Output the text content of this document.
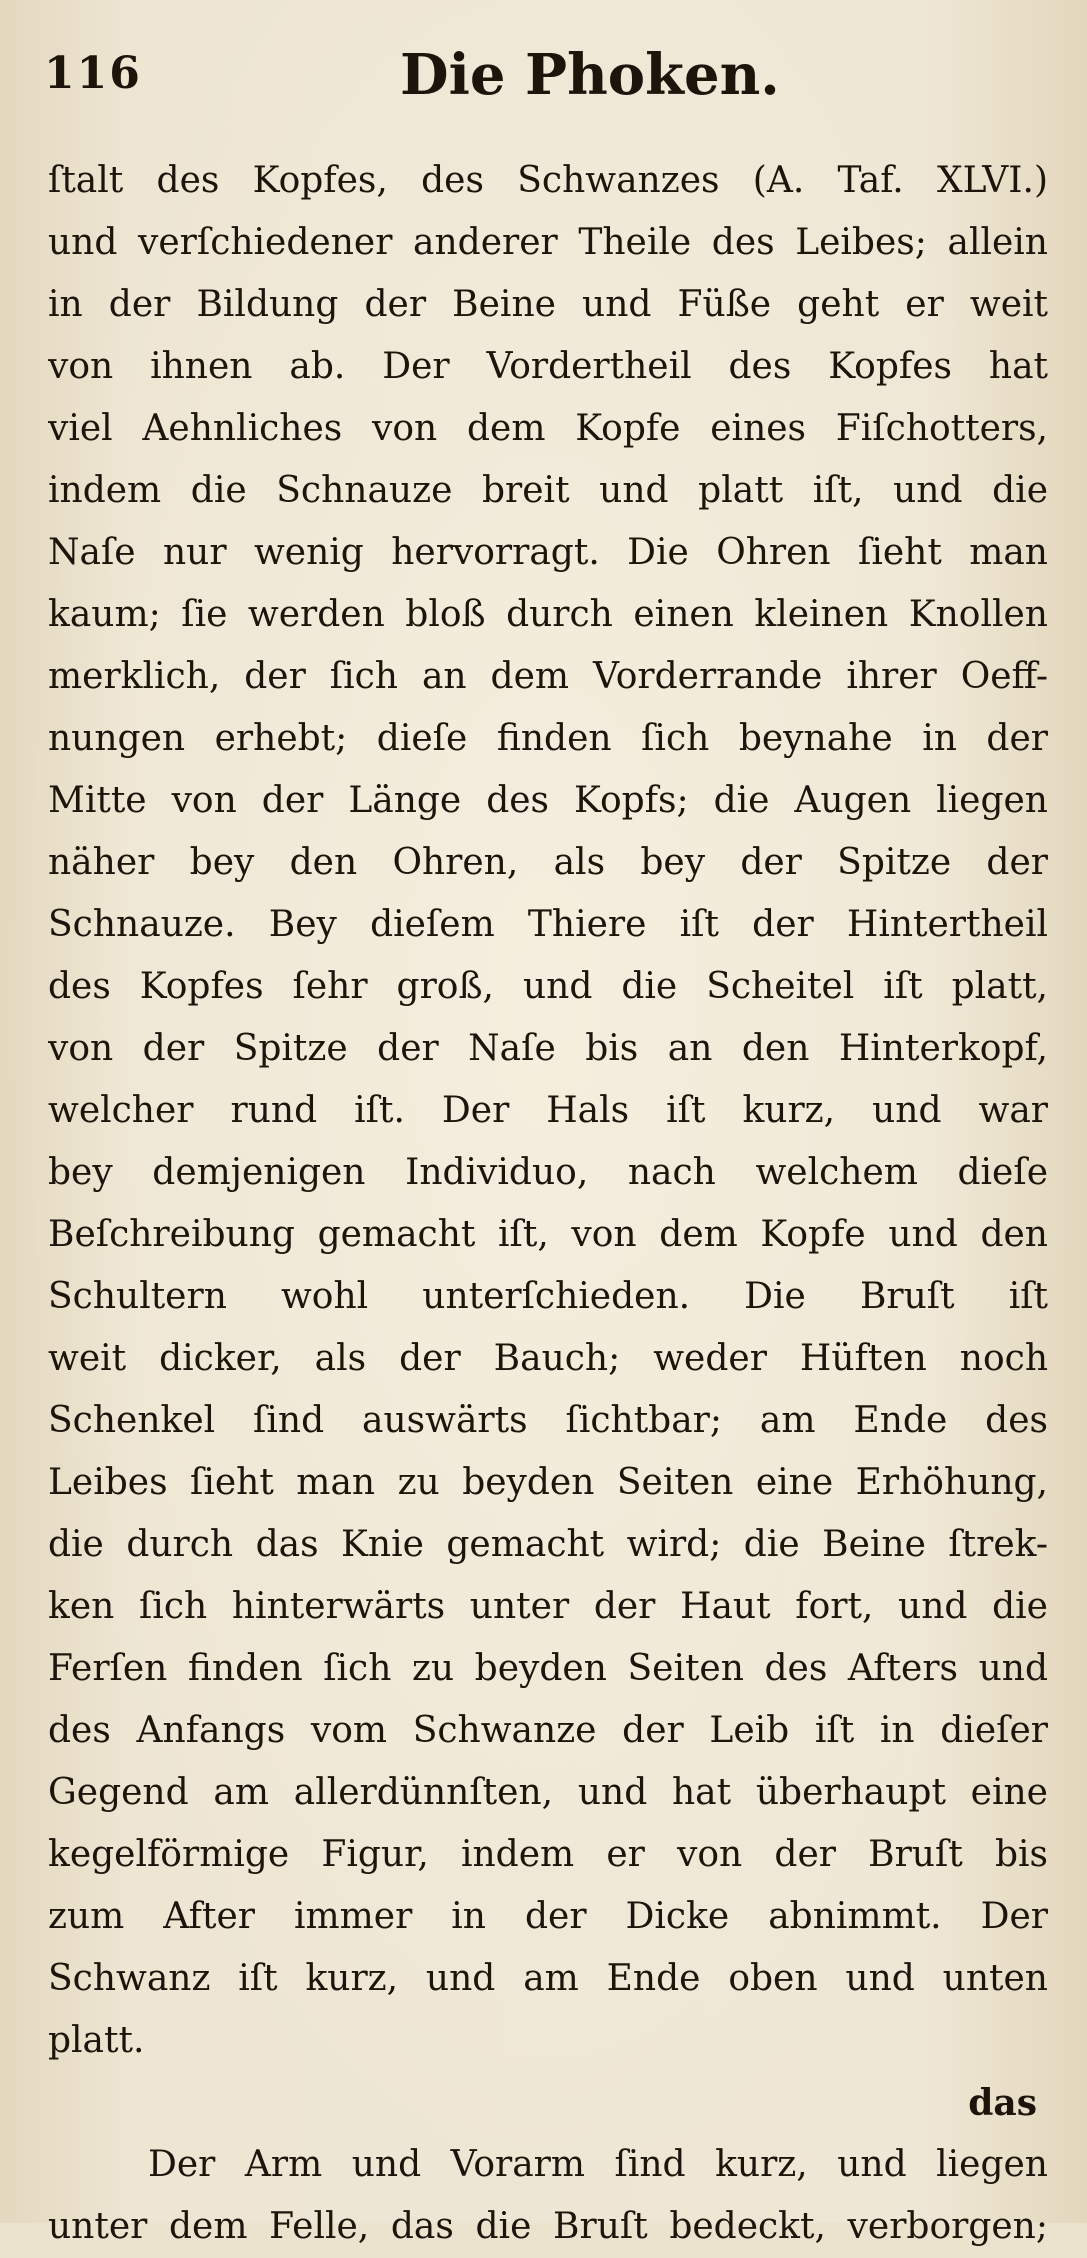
116	Die Phoken.
ſtalt des Kopfes, des Schwanzes (A. Taf. XLVI.)
und verſchiedener anderer Theile des Leibes; allein
in der Bildung der Beine und Füße geht er weit
von ihnen ab. Der Vordertheil des Kopfes hat
viel Aehnliches von dem Kopfe eines Fiſchotters,
indem die Schnauze breit und platt iſt, und die
Naſe nur wenig hervorragt. Die Ohren ſieht man
kaum; ſie werden bloß durch einen kleinen Knollen
merklich, der ſich an dem Vorderrande ihrer Oeff-
nungen erhebt; dieſe finden ſich beynahe in der
Mitte von der Länge des Kopfs; die Augen liegen
näher bey den Ohren, als bey der Spitze der
Schnauze. Bey dieſem Thiere iſt der Hintertheil
des Kopfes ſehr groß, und die Scheitel iſt platt,
von der Spitze der Naſe bis an den Hinterkopf,
welcher rund iſt. Der Hals iſt kurz, und war
bey demjenigen Individuo, nach welchem dieſe
Beſchreibung gemacht iſt, von dem Kopfe und den
Schultern wohl unterſchieden. Die Bruſt iſt
weit dicker, als der Bauch; weder Hüften noch
Schenkel ſind auswärts ſichtbar; am Ende des
Leibes ſieht man zu beyden Seiten eine Erhöhung,
die durch das Knie gemacht wird; die Beine ſtrek-
ken ſich hinterwärts unter der Haut fort, und die
Ferſen finden ſich zu beyden Seiten des Afters und
des Anfangs vom Schwanze der Leib iſt in dieſer
Gegend am allerdünnſten, und hat überhaupt eine
kegelförmige Figur, indem er von der Bruſt bis
zum After immer in der Dicke abnimmt. Der
Schwanz iſt kurz, und am Ende oben und unten
platt.
Der Arm und Vorarm ſind kurz, und liegen
unter dem Felle, das die Bruſt bedeckt, verborgen;
das
